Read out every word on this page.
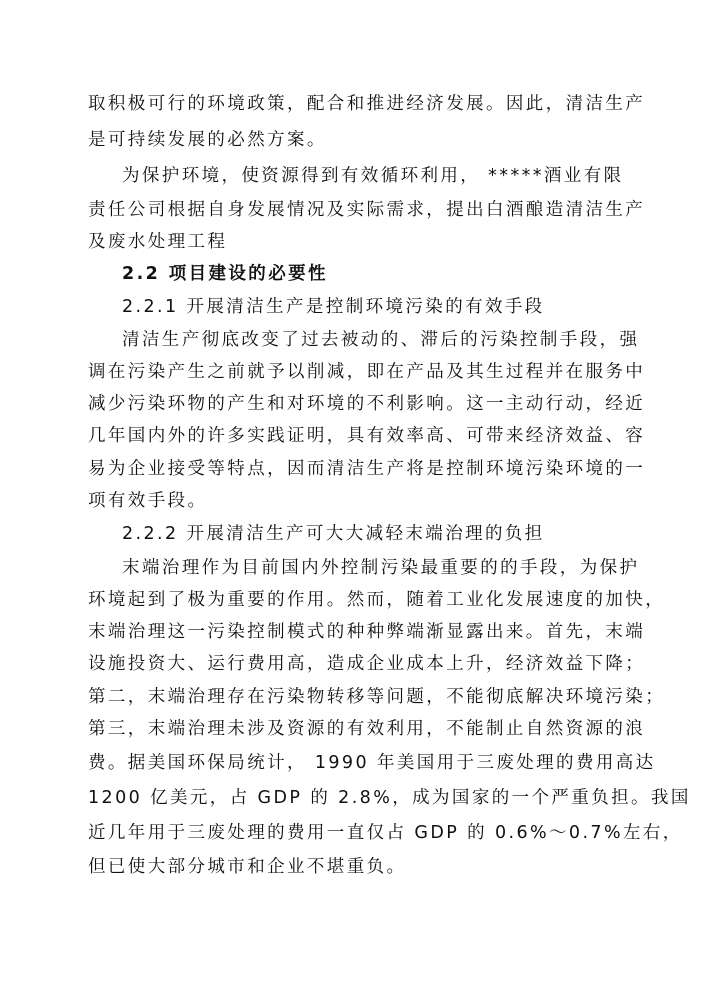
取积极可行的环境政策，配合和推进经济发展。因此，清洁生产
是可持续发展的必然方案。
为保护环境，使资源得到有效循环利用， *****酒业有限
责任公司根据自身发展情况及实际需求，提出白酒酿造清洁生产
及废水处理工程
2.2 项目建设的必要性
2.2.1 开展清洁生产是控制环境污染的有效手段
清洁生产彻底改变了过去被动的、滞后的污染控制手段，强
调在污染产生之前就予以削减，即在产品及其生过程并在服务中
减少污染环物的产生和对环境的不利影响。这一主动行动，经近
几年国内外的许多实践证明，具有效率高、可带来经济效益、容
易为企业接受等特点，因而清洁生产将是控制环境污染环境的一
项有效手段。
2.2.2 开展清洁生产可大大减轻末端治理的负担
末端治理作为目前国内外控制污染最重要的的手段，为保护
环境起到了极为重要的作用。然而，随着工业化发展速度的加快，
末端治理这一污染控制模式的种种弊端渐显露出来。首先，末端
设施投资大、运行费用高，造成企业成本上升，经济效益下降；
第二，末端治理存在污染物转移等问题，不能彻底解决环境污染；
第三，末端治理未涉及资源的有效利用，不能制止自然资源的浪
费。据美国环保局统计， 1990 年美国用于三废处理的费用高达
1200 亿美元，占 GDP 的 2.8%，成为国家的一个严重负担。我国
近几年用于三废处理的费用一直仅占 GDP 的 0.6%～0.7%左右，
但已使大部分城市和企业不堪重负。
